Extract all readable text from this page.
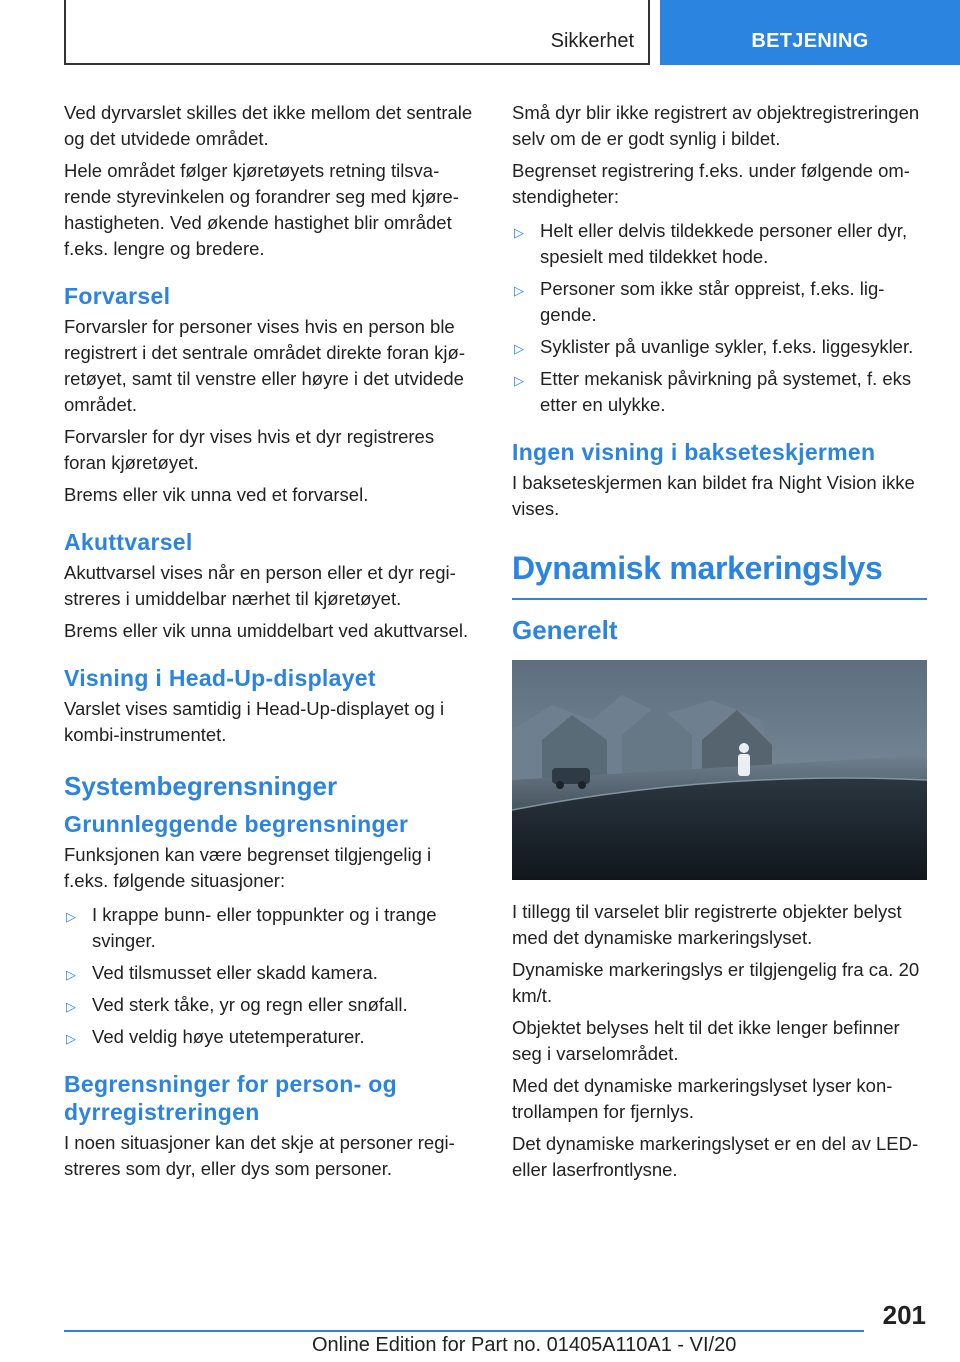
Sikkerhet	BETJENING

Ved dyrvarslet skilles det ikke mellom det sentrale og det utvidede området.

Hele området følger kjøretøyets retning tilsvarende styrevinkelen og forandrer seg med kjørehastigheten. Ved økende hastighet blir området f.eks. lengre og bredere.

Forvarsel

Forvarsler for personer vises hvis en person ble registrert i det sentrale området direkte foran kjøretøyet, samt til venstre eller høyre i det utvidede området.

Forvarsler for dyr vises hvis et dyr registreres foran kjøretøyet.

Brems eller vik unna ved et forvarsel.

Akuttvarsel

Akuttvarsel vises når en person eller et dyr registreres i umiddelbar nærhet til kjøretøyet.

Brems eller vik unna umiddelbart ved akuttvarsel.

Visning i Head-Up-displayet

Varslet vises samtidig i Head-Up-displayet og i kombi-instrumentet.

Systembegrensninger
Grunnleggende begrensninger

Funksjonen kan være begrenset tilgjengelig i f.eks. følgende situasjoner:

▷ I krappe bunn- eller toppunkter og i trange svinger.
▷ Ved tilsmusset eller skadd kamera.
▷ Ved sterk tåke, yr og regn eller snøfall.
▷ Ved veldig høye utetemperaturer.
Begrensninger for person- og dyrregistreringen

I noen situasjoner kan det skje at personer registreres som dyr, eller dys som personer.

Små dyr blir ikke registrert av objektregistreringen selv om de er godt synlig i bildet.

Begrenset registrering f.eks. under følgende omstendigheter:

▷ Helt eller delvis tildekkede personer eller dyr, spesielt med tildekket hode.
▷ Personer som ikke står oppreist, f.eks. liggende.
▷ Syklister på uvanlige sykler, f.eks. liggesykler.
▷ Etter mekanisk påvirkning på systemet, f. eks etter en ulykke.
Ingen visning i bakseteskjermen

I bakseteskjermen kan bildet fra Night Vision ikke vises.

Dynamisk markeringslys
Generelt

I tillegg til varselet blir registrerte objekter belyst med det dynamiske markeringslyset.

Dynamiske markeringslys er tilgjengelig fra ca. 20 km/t.

Objektet belyses helt til det ikke lenger befinner seg i varselområdet.

Med det dynamiske markeringslyset lyser kontrollampen for fjernlys.

Det dynamiske markeringslyset er en del av LED- eller laserfrontlysne.

201
Online Edition for Part no. 01405A110A1 - VI/20
